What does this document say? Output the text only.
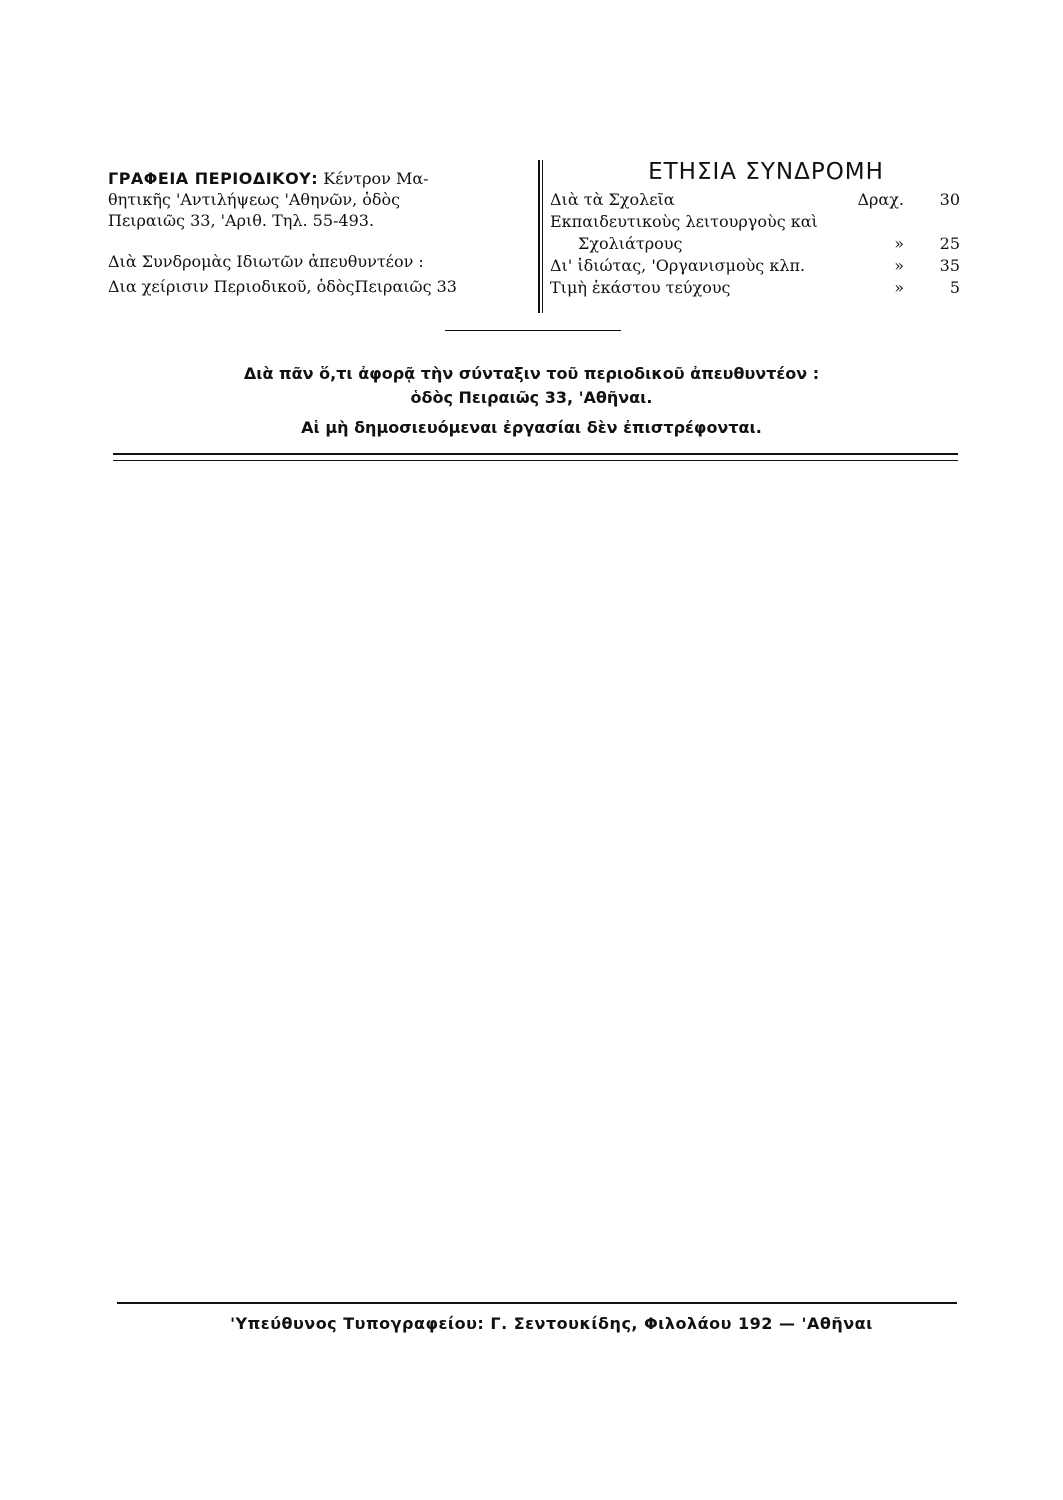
ΓΡΑΦΕΙΑ ΠΕΡΙΟΔΙΚΟΥ: Κέντρον Μα-
θητικῆς 'Αντιλήψεως 'Αθηνῶν, ὁδὸς
Πειραιῶς 33, 'Αριθ. Τηλ. 55-493.
Διὰ Συνδρομὰς Ιδιωτῶν ἀπευθυντέον :
Δια χείρισιν Περιοδικοῦ, ὁδὸςΠειραιῶς 33
ΕΤΗΣΙΑ ΣΥΝΔΡΟΜΗ
Διὰ τὰ Σχολεῖα	Δραχ. 30
Εκπαιδευτικοὺς λειτουργοὺς καὶ
Σχολιάτρους	» 25
Δι' ἰδιώτας, 'Οργανισμοὺς κλπ.	» 35
Τιμὴ ἑκάστου τεύχους	»	5
Διὰ πᾶν ὅ,τι ἀφορᾷ τὴν σύνταξιν τοῦ περιοδικοῦ ἀπευθυντέον :
ὁδὸς Πειραιῶς 33, 'Αθῆναι.
Αἱ μὴ δημοσιευόμεναι ἐργασίαι δὲν ἐπιστρέφονται.
'Υπεύθυνος Τυπογραφείου: Γ. Σεντουκίδης, Φιλολάου 192 — 'Αθῆναι
